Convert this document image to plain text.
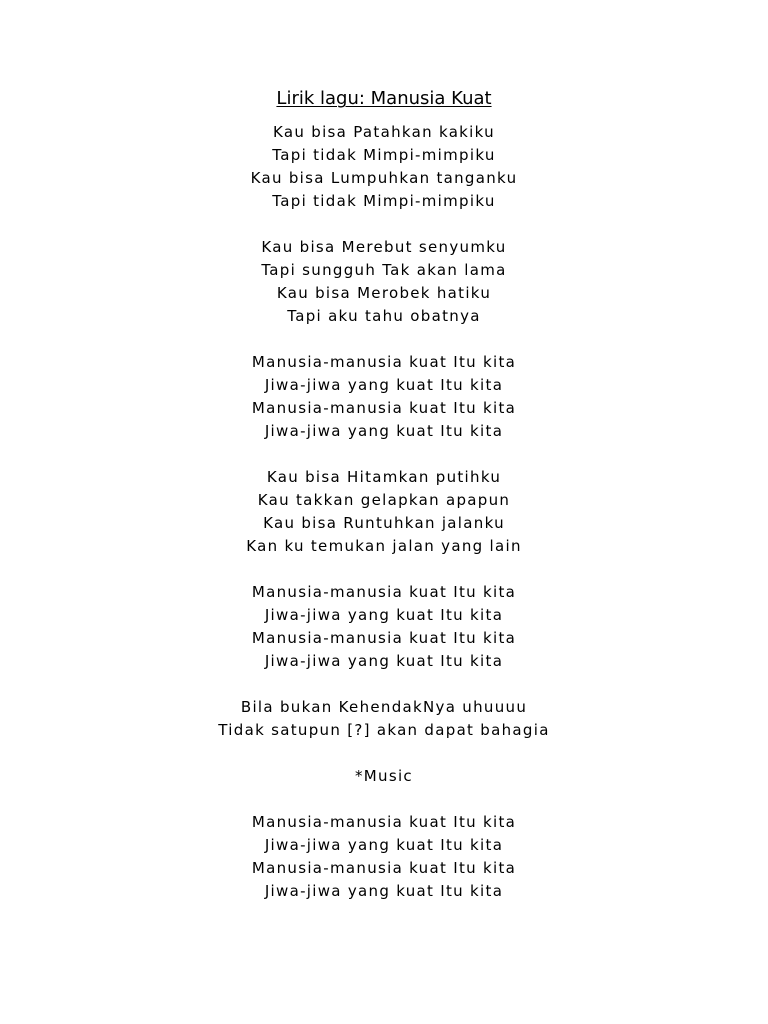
Lirik lagu: Manusia Kuat
Kau bisa Patahkan kakiku
Tapi tidak Mimpi-mimpiku
Kau bisa Lumpuhkan tanganku
Tapi tidak Mimpi-mimpiku
Kau bisa Merebut senyumku
Tapi sungguh Tak akan lama
Kau bisa Merobek hatiku
Tapi aku tahu obatnya
Manusia-manusia kuat Itu kita
Jiwa-jiwa yang kuat Itu kita
Manusia-manusia kuat Itu kita
Jiwa-jiwa yang kuat Itu kita
Kau bisa Hitamkan putihku
Kau takkan gelapkan apapun
Kau bisa Runtuhkan jalanku
Kan ku temukan jalan yang lain
Manusia-manusia kuat Itu kita
Jiwa-jiwa yang kuat Itu kita
Manusia-manusia kuat Itu kita
Jiwa-jiwa yang kuat Itu kita
Bila bukan KehendakNya uhuuuu
Tidak satupun [?] akan dapat bahagia
*Music
Manusia-manusia kuat Itu kita
Jiwa-jiwa yang kuat Itu kita
Manusia-manusia kuat Itu kita
Jiwa-jiwa yang kuat Itu kita
